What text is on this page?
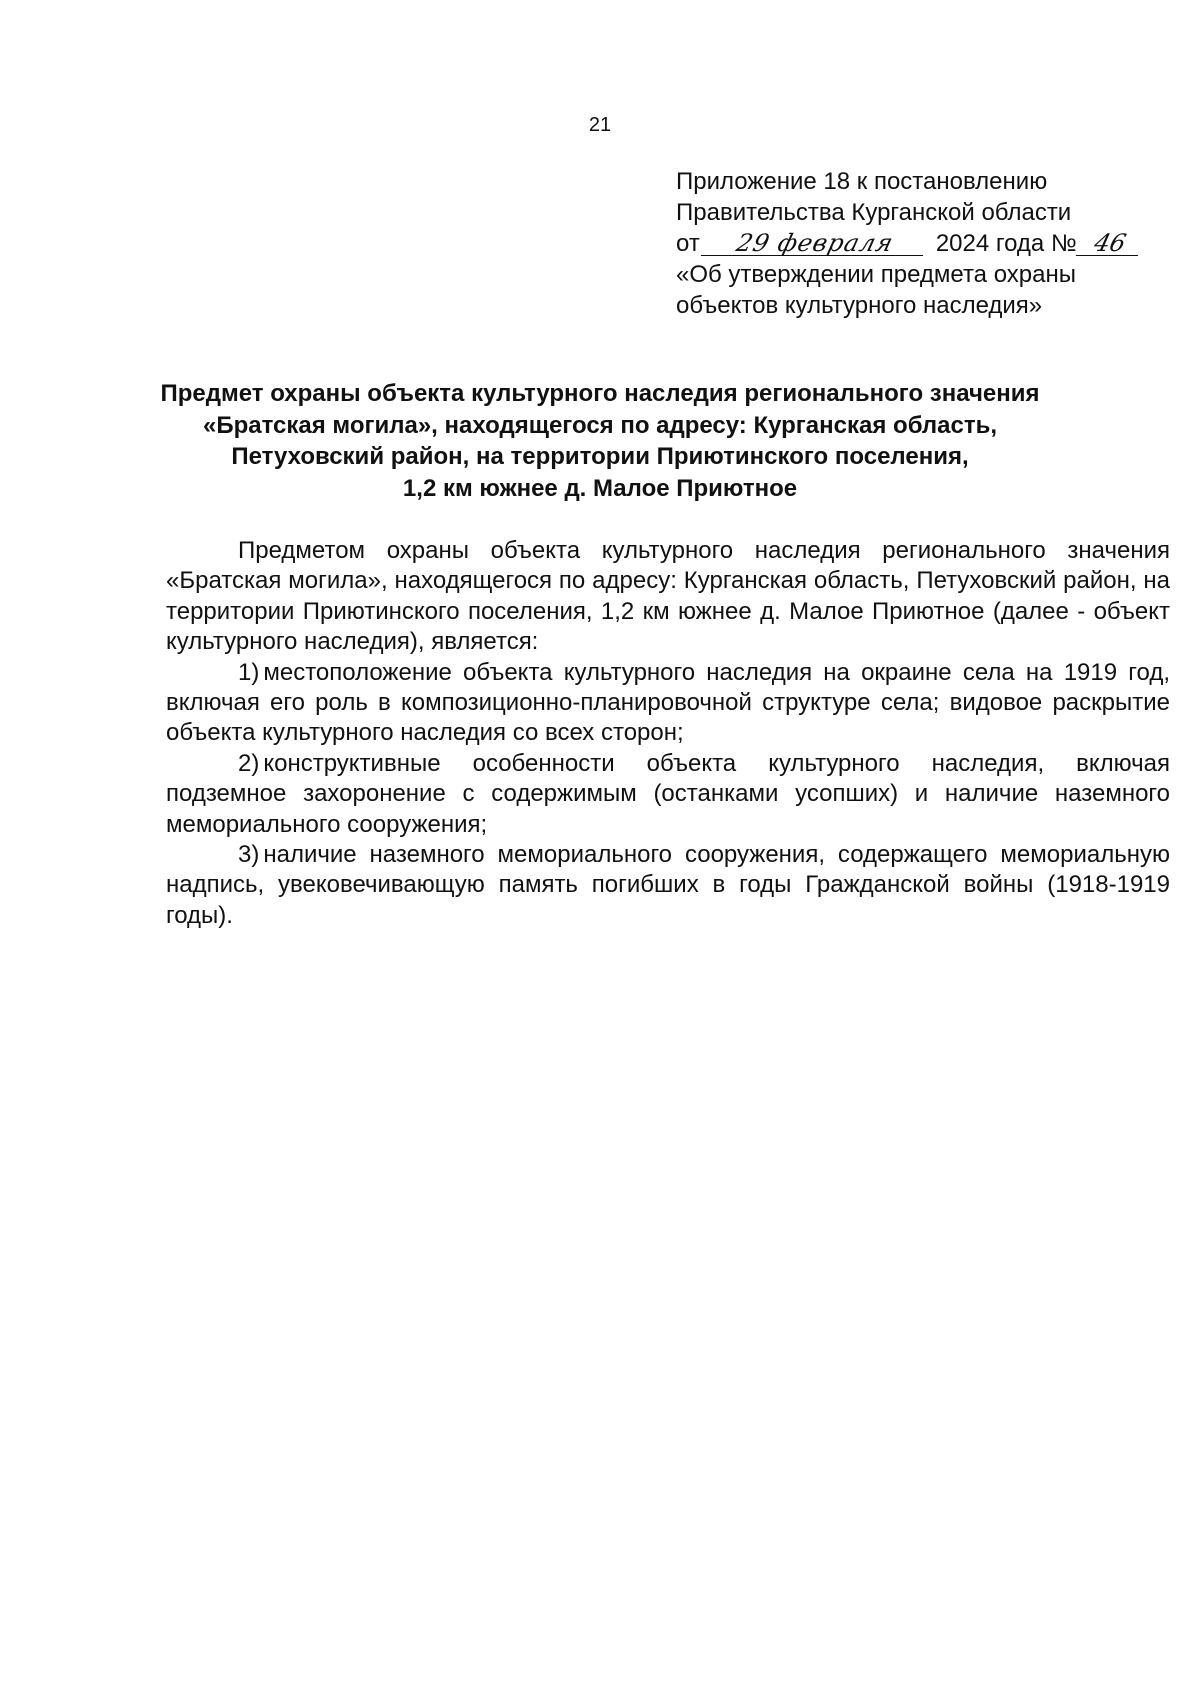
21
Приложение 18 к постановлению
Правительства Курганской области
от 29 февраля 2024 года № 46
«Об утверждении предмета охраны
объектов культурного наследия»
Предмет охраны объекта культурного наследия регионального значения
«Братская могила», находящегося по адресу: Курганская область,
Петуховский район, на территории Приютинского поселения,
1,2 км южнее д. Малое Приютное

Предметом охраны объекта культурного наследия регионального значения «Братская могила», находящегося по адресу: Курганская область, Петуховский район, на территории Приютинского поселения, 1,2 км южнее д. Малое Приютное (далее - объект культурного наследия), является:

1) местоположение объекта культурного наследия на окраине села на 1919 год, включая его роль в композиционно-планировочной структуре села; видовое раскрытие объекта культурного наследия со всех сторон;

2) конструктивные особенности объекта культурного наследия, включая подземное захоронение с содержимым (останками усопших) и наличие наземного мемориального сооружения;

3) наличие наземного мемориального сооружения, содержащего мемориальную надпись, увековечивающую память погибших в годы Гражданской войны (1918-1919 годы).
